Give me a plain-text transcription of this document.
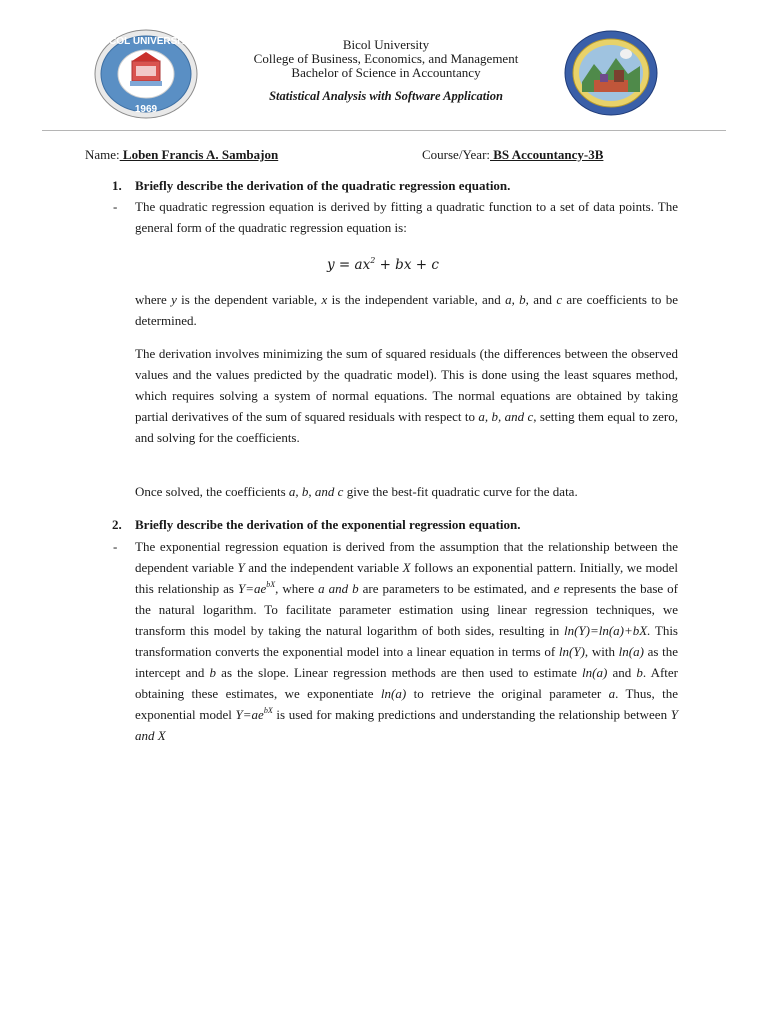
BICOL UNIVERSITY
1969
Bicol University
College of Business, Economics, and Management
Bachelor of Science in Accountancy
Statistical Analysis with Software Application
Name: Loben Francis A. Sambajon	Course/Year: BS Accountancy-3B
1. Briefly describe the derivation of the quadratic regression equation.
- The quadratic regression equation is derived by fitting a quadratic function to a set of data points. The general form of the quadratic regression equation is:

$y = ax^2$ + bx + c

where y is the dependent variable, x is the independent variable, and a, b, and c are coefficients to be determined.

The derivation involves minimizing the sum of squared residuals (the differences between the observed values and the values predicted by the quadratic model). This is done using the least squares method, which requires solving a system of normal equations. The normal equations are obtained by taking partial derivatives of the sum of squared residuals with respect to a, b, and c, setting them equal to zero, and solving for the coefficients.

Once solved, the coefficients a, b, and c give the best-fit quadratic curve for the data.

2. Briefly describe the derivation of the exponential regression equation.
- The exponential regression equation is derived from the assumption that the relationship between the dependent variable Y and the independent variable X follows an exponential pattern. Initially, we model this relationship as $Y=ae^{bX}$, where a and b are parameters to be estimated, and e represents the base of the natural logarithm. To facilitate parameter estimation using linear regression techniques, we transform this model by taking the natural logarithm of both sides, resulting in ln(Y)=ln(a)+bX. This transformation converts the exponential model into a linear equation in terms of ln(Y), with ln(a) as the intercept and b as the slope. Linear regression methods are then used to estimate ln(a) and b. After obtaining these estimates, we exponentiate ln(a) to retrieve the original parameter a. Thus, the exponential model $Y=ae^{bX}$ is used for making predictions and understanding the relationship between Y and X
